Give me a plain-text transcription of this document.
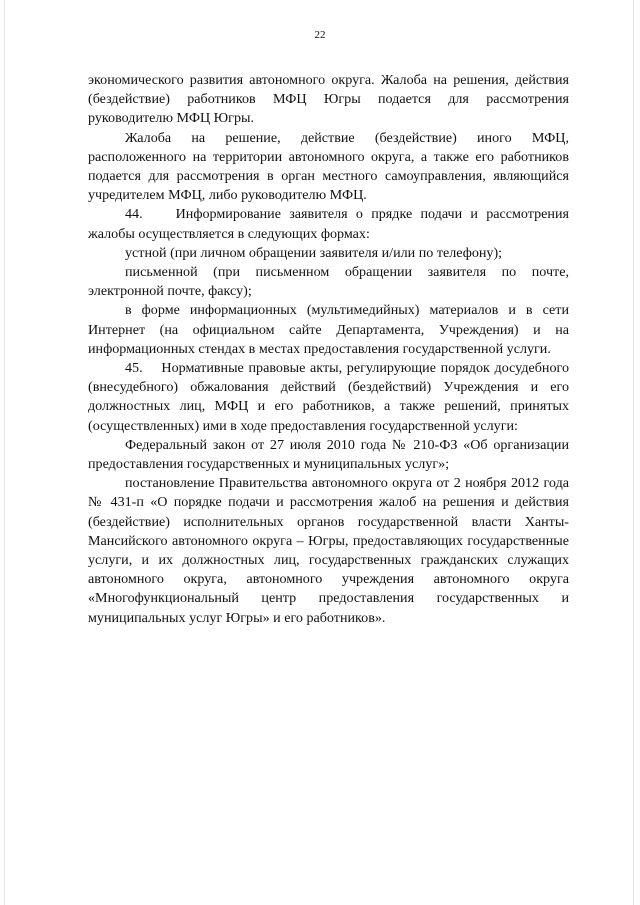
22

экономического развития автономного округа. Жалоба на решения, действия (бездействие) работников МФЦ Югры подается для рассмотрения руководителю МФЦ Югры.

Жалоба на решение, действие (бездействие) иного МФЦ, расположенного на территории автономного округа, а также его работников подается для рассмотрения в орган местного самоуправления, являющийся учредителем МФЦ, либо руководителю МФЦ.

44.    Информирование заявителя о прядке подачи и рассмотрения жалобы осуществляется в следующих формах:

устной (при личном обращении заявителя и/или по телефону);

письменной (при письменном обращении заявителя по почте, электронной почте, факсу);

в форме информационных (мультимедийных) материалов и в сети Интернет (на официальном сайте Департамента, Учреждения) и на информационных стендах в местах предоставления государственной услуги.

45.    Нормативные правовые акты, регулирующие порядок досудебного (внесудебного) обжалования действий (бездействий) Учреждения и его должностных лиц, МФЦ и его работников, а также решений, принятых (осуществленных) ими в ходе предоставления государственной услуги:

Федеральный закон от 27 июля 2010 года № 210-ФЗ «Об организации предоставления государственных и муниципальных услуг»;

постановление Правительства автономного округа от 2 ноября 2012 года № 431-п «О порядке подачи и рассмотрения жалоб на решения и действия (бездействие) исполнительных органов государственной власти Ханты-Мансийского автономного округа – Югры, предоставляющих государственные услуги, и их должностных лиц, государственных гражданских служащих автономного округа, автономного учреждения автономного округа «Многофункциональный центр предоставления государственных и муниципальных услуг Югры» и его работников».
